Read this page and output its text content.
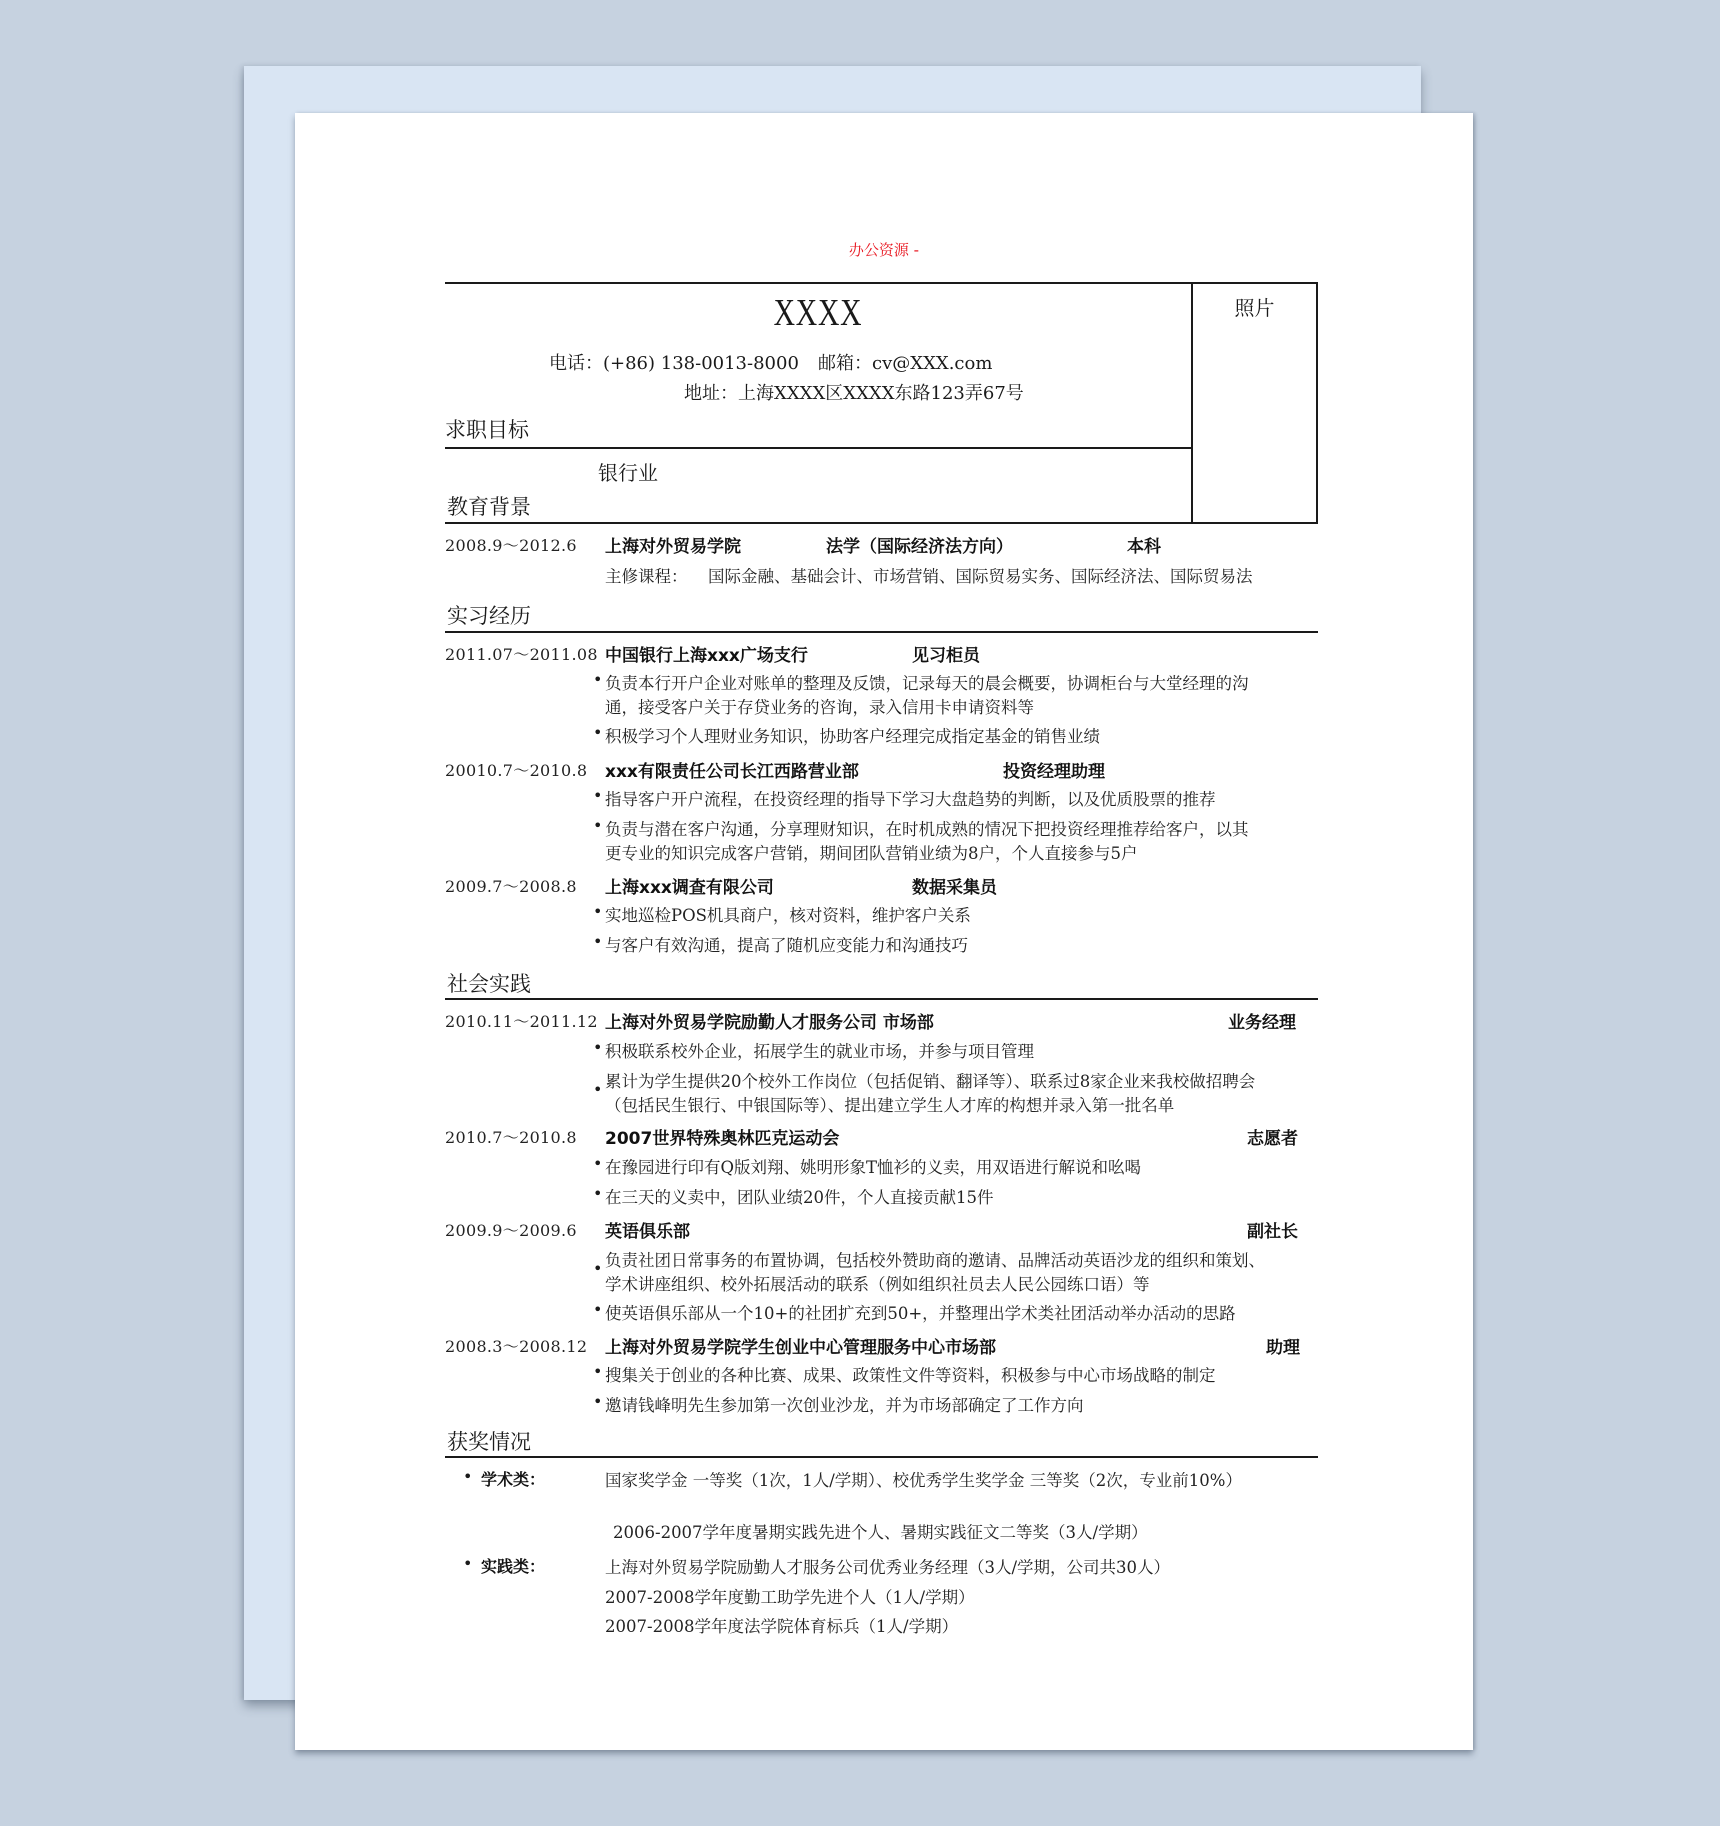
办公资源 -
照片
XXXX
电话：(+86) 138-0013-8000 邮箱：cv@XXX.com
地址：上海XXXX区XXXX东路123弄67号
求职目标
银行业
教育背景
2008.9～2012.6 上海对外贸易学院	法学（国际经济法方向）	本科
主修课程： 国际金融、基础会计、市场营销、国际贸易实务、国际经济法、国际贸易法
实习经历
2011.07～2011.08 中国银行上海xxx广场支行	见习柜员
• 负责本行开户企业对账单的整理及反馈，记录每天的晨会概要，协调柜台与大堂经理的沟
通，接受客户关于存贷业务的咨询，录入信用卡申请资料等
• 积极学习个人理财业务知识，协助客户经理完成指定基金的销售业绩
20010.7～2010.8 xxx有限责任公司长江西路营业部	投资经理助理
• 指导客户开户流程，在投资经理的指导下学习大盘趋势的判断，以及优质股票的推荐
• 负责与潜在客户沟通，分享理财知识，在时机成熟的情况下把投资经理推荐给客户，以其
更专业的知识完成客户营销，期间团队营销业绩为8户，个人直接参与5户
2009.7～2008.8 上海xxx调查有限公司	数据采集员
• 实地巡检POS机具商户，核对资料，维护客户关系
• 与客户有效沟通，提高了随机应变能力和沟通技巧
社会实践
2010.11～2011.12 上海对外贸易学院励勤人才服务公司 市场部	业务经理
• 积极联系校外企业，拓展学生的就业市场，并参与项目管理
• 累计为学生提供20个校外工作岗位（包括促销、翻译等）、联系过8家企业来我校做招聘会
（包括民生银行、中银国际等）、提出建立学生人才库的构想并录入第一批名单
2010.7～2010.8 2007世界特殊奥林匹克运动会	志愿者
• 在豫园进行印有Q版刘翔、姚明形象T恤衫的义卖，用双语进行解说和吆喝
• 在三天的义卖中，团队业绩20件，个人直接贡献15件
2009.9～2009.6 英语俱乐部	副社长
• 负责社团日常事务的布置协调，包括校外赞助商的邀请、品牌活动英语沙龙的组织和策划、
学术讲座组织、校外拓展活动的联系（例如组织社员去人民公园练口语）等
• 使英语俱乐部从一个10+的社团扩充到50+，并整理出学术类社团活动举办活动的思路
2008.3～2008.12 上海对外贸易学院学生创业中心管理服务中心市场部	助理
• 搜集关于创业的各种比赛、成果、政策性文件等资料，积极参与中心市场战略的制定
• 邀请钱峰明先生参加第一次创业沙龙，并为市场部确定了工作方向
获奖情况
• 学术类：	国家奖学金 一等奖（1次，1人/学期）、校优秀学生奖学金 三等奖（2次，专业前10%）
2006-2007学年度暑期实践先进个人、暑期实践征文二等奖（3人/学期）
• 实践类：	上海对外贸易学院励勤人才服务公司优秀业务经理（3人/学期，公司共30人）
2007-2008学年度勤工助学先进个人（1人/学期）
2007-2008学年度法学院体育标兵（1人/学期）
